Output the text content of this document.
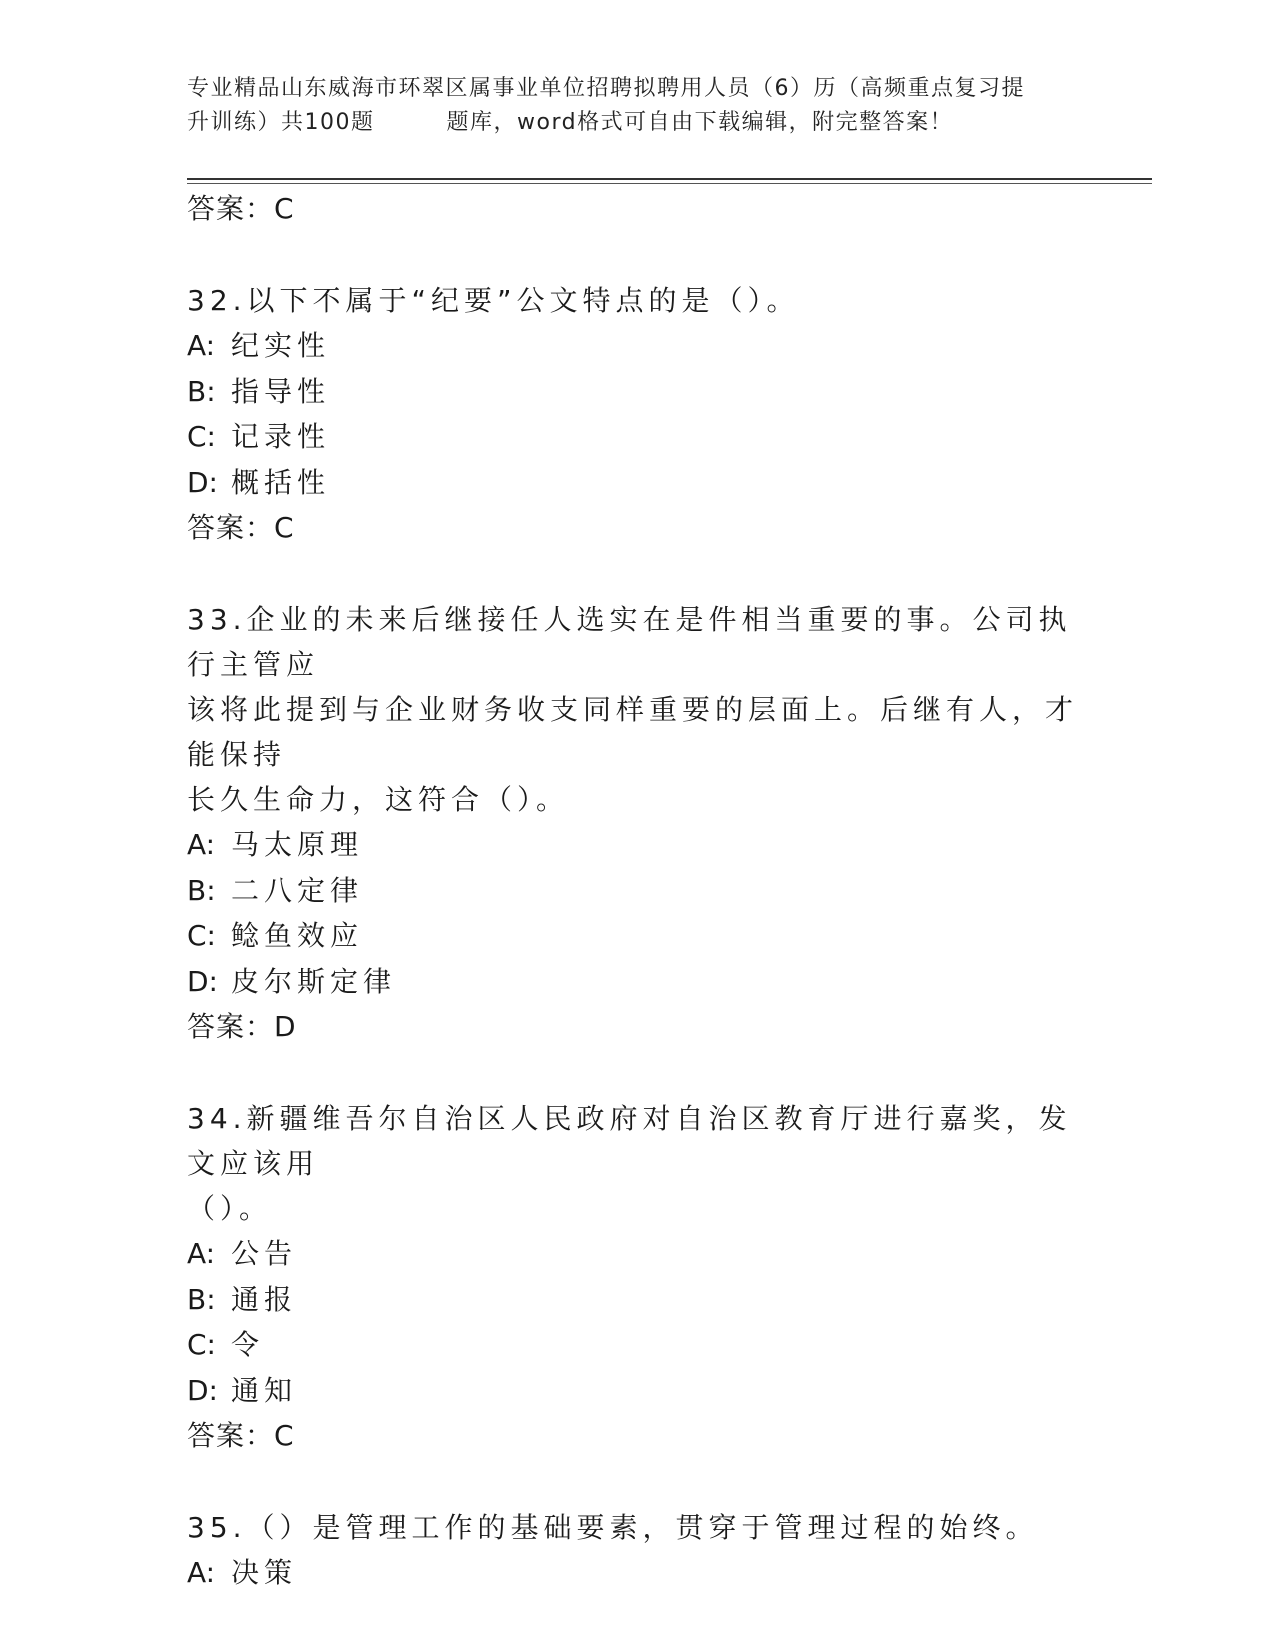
专业精品山东威海市环翠区属事业单位招聘拟聘用人员（6）历（高频重点复习提
升训练）共100题	题库，word格式可自由下载编辑，附完整答案！
答案：C
32.以下不属于“纪要”公文特点的是（）。
A: 纪实性
B: 指导性
C: 记录性
D: 概括性
答案：C
33.企业的未来后继接任人选实在是件相当重要的事。公司执行主管应
该将此提到与企业财务收支同样重要的层面上。后继有人，才能保持
长久生命力，这符合（）。
A: 马太原理
B: 二八定律
C: 鲶鱼效应
D: 皮尔斯定律
答案：D
34.新疆维吾尔自治区人民政府对自治区教育厅进行嘉奖，发文应该用
（）。
A: 公告
B: 通报
C: 令
D: 通知
答案：C
35.（）是管理工作的基础要素，贯穿于管理过程的始终。
A: 决策
